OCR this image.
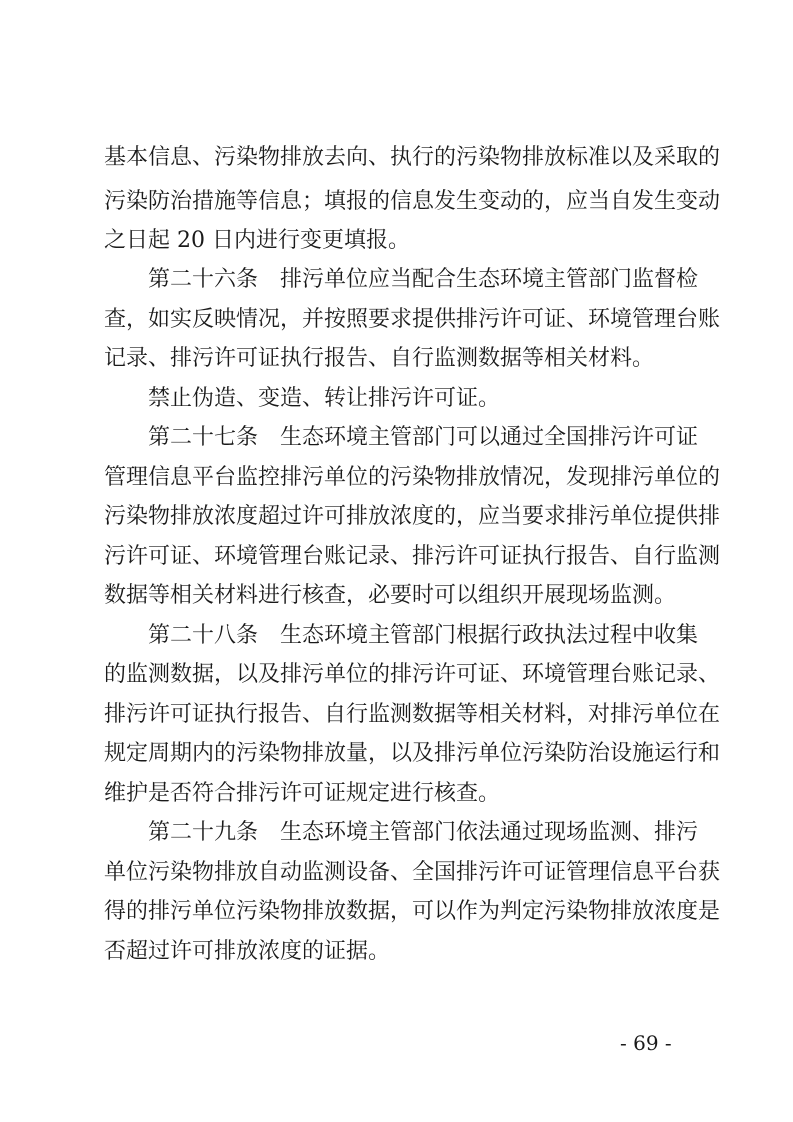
基本信息、污染物排放去向、执行的污染物排放标准以及采取的
污染防治措施等信息；填报的信息发生变动的，应当自发生变动
之日起 20 日内进行变更填报。
第二十六条　排污单位应当配合生态环境主管部门监督检
查，如实反映情况，并按照要求提供排污许可证、环境管理台账
记录、排污许可证执行报告、自行监测数据等相关材料。
禁止伪造、变造、转让排污许可证。
第二十七条　生态环境主管部门可以通过全国排污许可证
管理信息平台监控排污单位的污染物排放情况，发现排污单位的
污染物排放浓度超过许可排放浓度的，应当要求排污单位提供排
污许可证、环境管理台账记录、排污许可证执行报告、自行监测
数据等相关材料进行核查，必要时可以组织开展现场监测。
第二十八条　生态环境主管部门根据行政执法过程中收集
的监测数据，以及排污单位的排污许可证、环境管理台账记录、
排污许可证执行报告、自行监测数据等相关材料，对排污单位在
规定周期内的污染物排放量，以及排污单位污染防治设施运行和
维护是否符合排污许可证规定进行核查。
第二十九条　生态环境主管部门依法通过现场监测、排污
单位污染物排放自动监测设备、全国排污许可证管理信息平台获
得的排污单位污染物排放数据，可以作为判定污染物排放浓度是
否超过许可排放浓度的证据。
- 69 -
